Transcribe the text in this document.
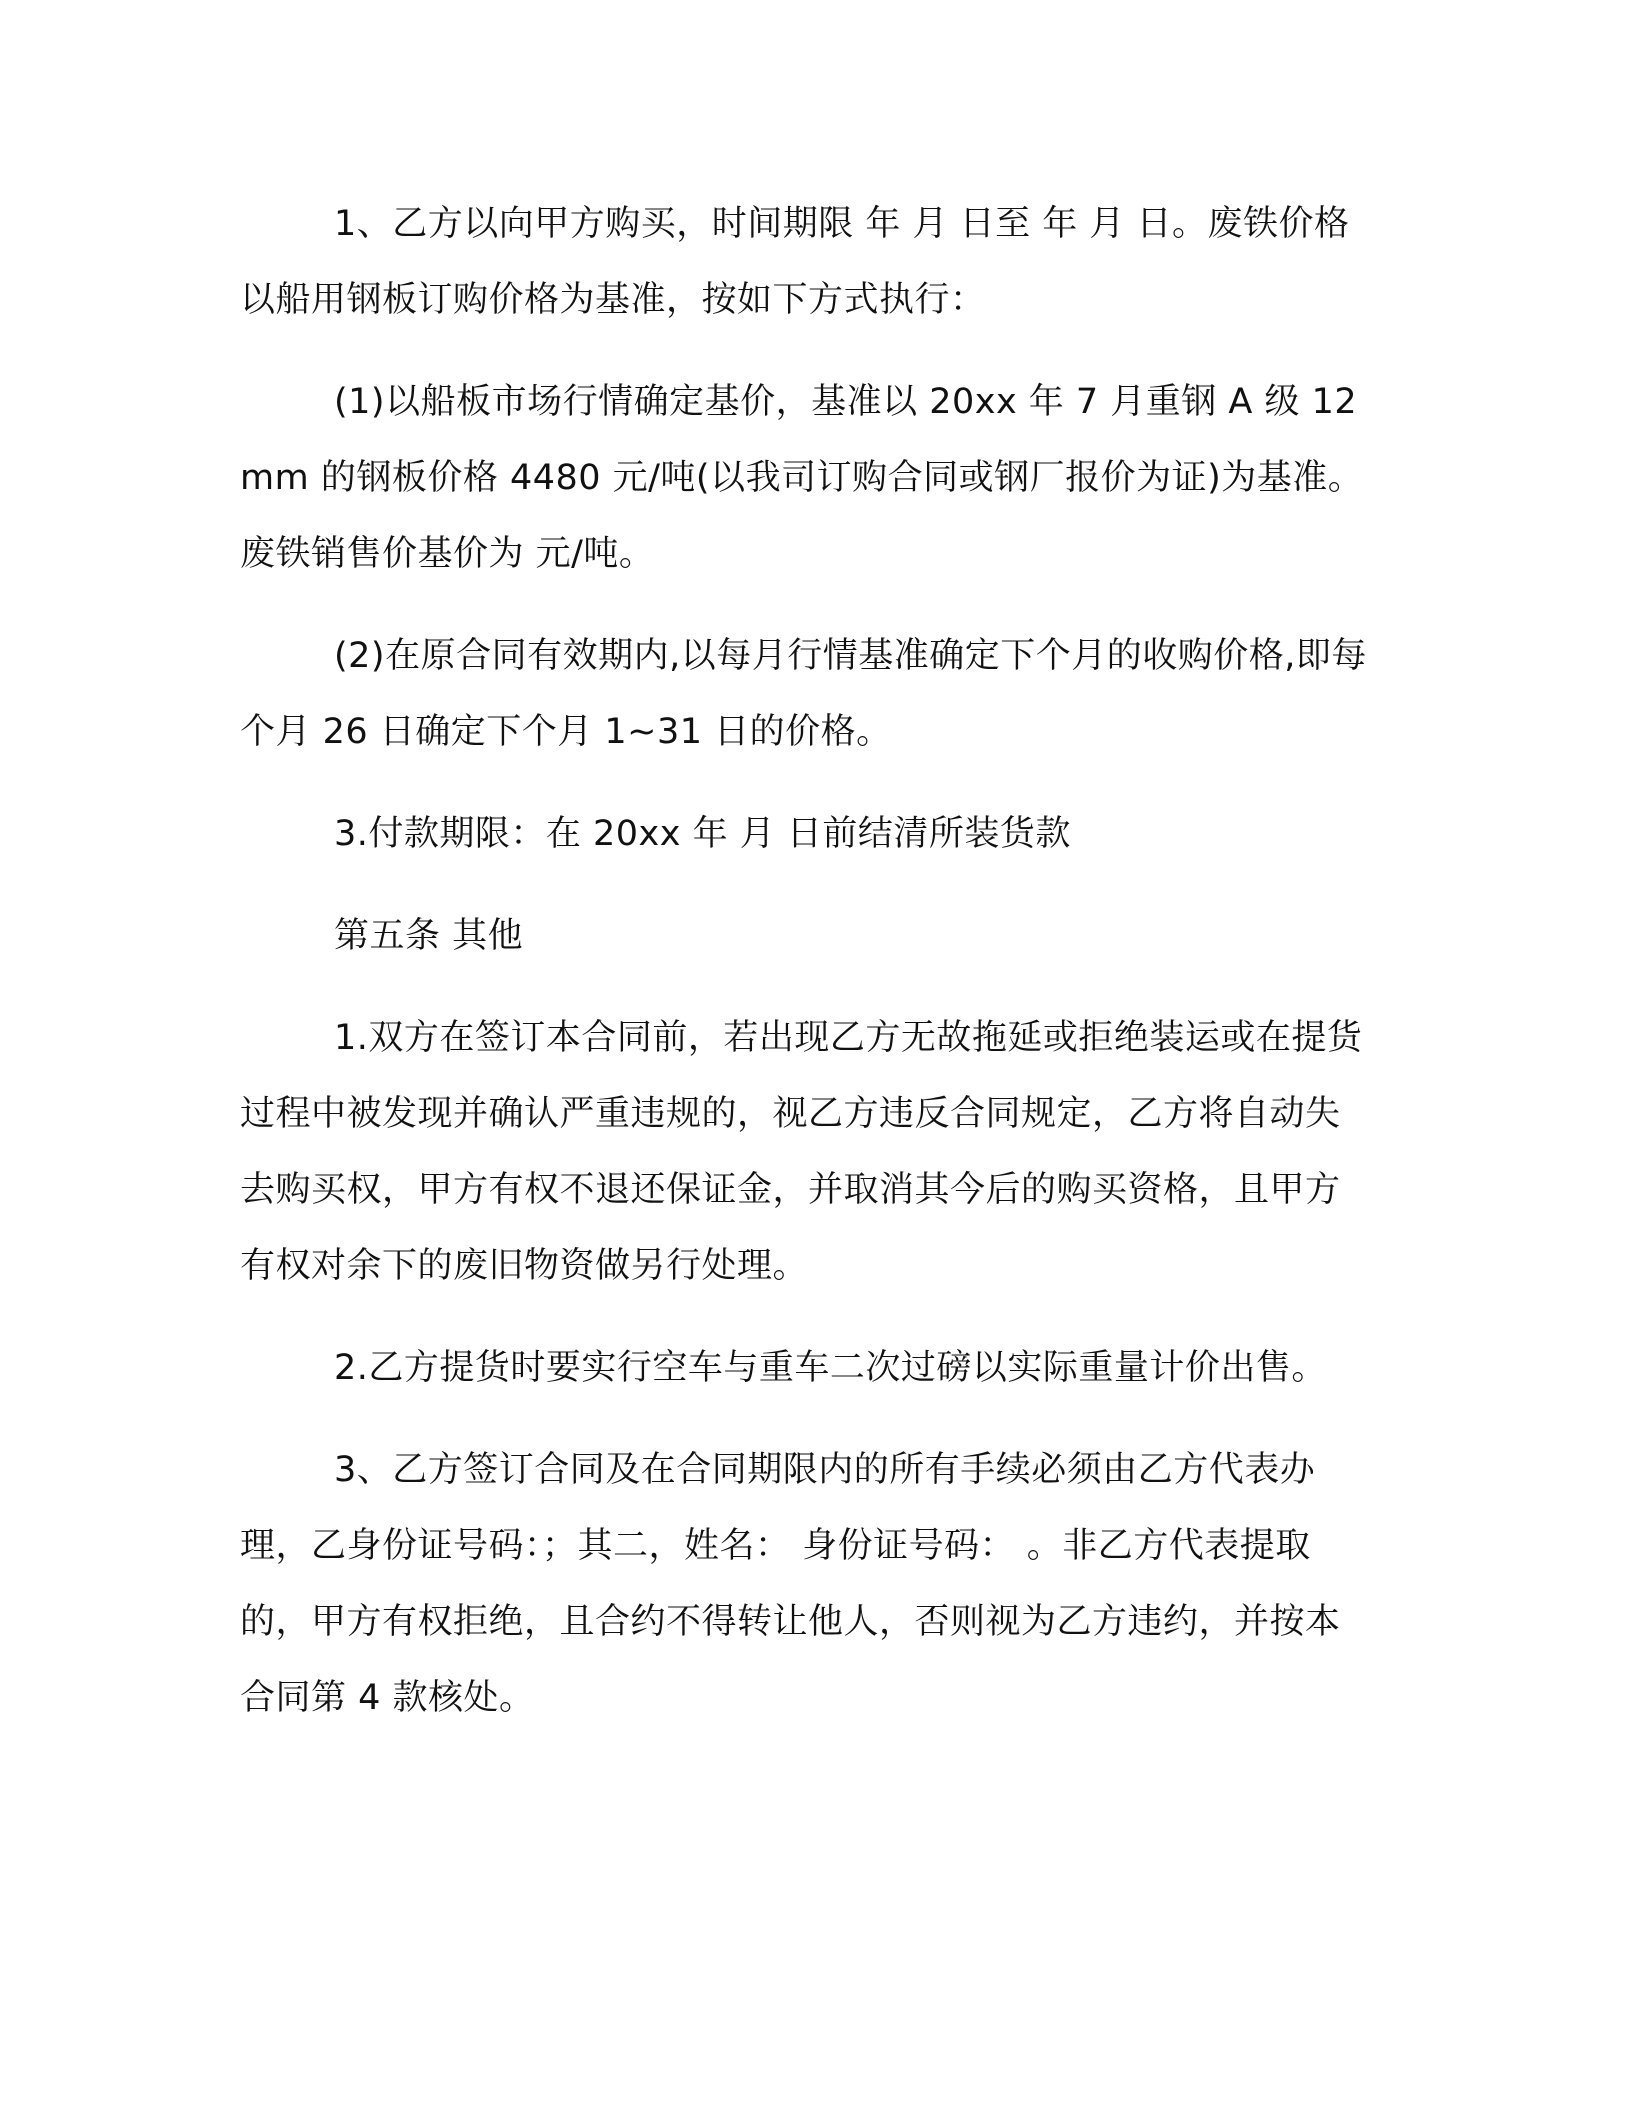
1、乙方以向甲方购买，时间期限 年 月 日至 年 月 日。废铁价格以船用钢板订购价格为基准，按如下方式执行：

(1)以船板市场行情确定基价，基准以 20xx 年 7 月重钢 A 级 12mm 的钢板价格 4480 元/吨(以我司订购合同或钢厂报价为证)为基准。废铁销售价基价为 元/吨。

(2)在原合同有效期内,以每月行情基准确定下个月的收购价格,即每个月 26 日确定下个月 1~31 日的价格。

3.付款期限：在 20xx 年 月 日前结清所装货款

第五条 其他

1.双方在签订本合同前，若出现乙方无故拖延或拒绝装运或在提货过程中被发现并确认严重违规的，视乙方违反合同规定，乙方将自动失去购买权，甲方有权不退还保证金，并取消其今后的购买资格，且甲方有权对余下的废旧物资做另行处理。

2.乙方提货时要实行空车与重车二次过磅以实际重量计价出售。

3、乙方签订合同及在合同期限内的所有手续必须由乙方代表办理，乙身份证号码：；其二，姓名： 身份证号码： 。非乙方代表提取的，甲方有权拒绝，且合约不得转让他人，否则视为乙方违约，并按本合同第 4 款核处。
